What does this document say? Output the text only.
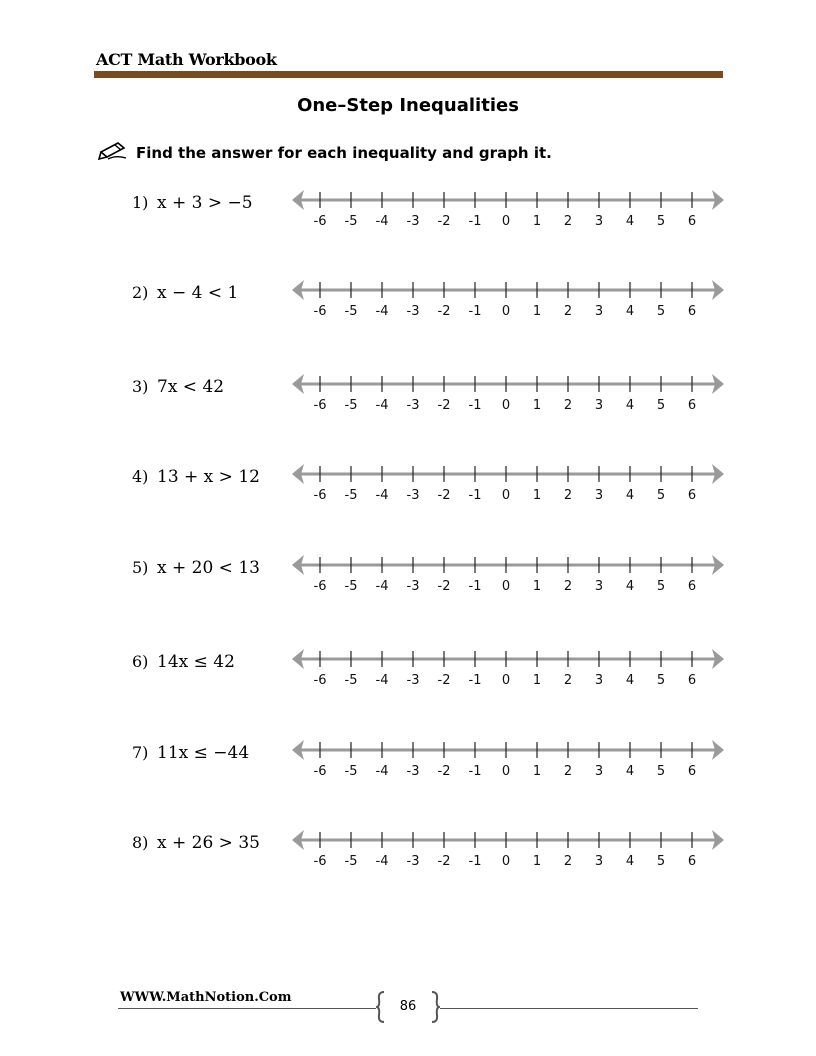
ACT Math Workbook
One–Step Inequalities
Find the answer for each inequality and graph it.
1) x + 3 > −5
-6 -5 -4 -3 -2 -1 0 1 2 3 4 5 6
2) x − 4 < 1
-6 -5 -4 -3 -2 -1 0 1 2 3 4 5 6
3) 7x < 42
-6 -5 -4 -3 -2 -1 0 1 2 3 4 5 6
4) 13 + x > 12
-6 -5 -4 -3 -2 -1 0 1 2 3 4 5 6
5) x + 20 < 13
-6 -5 -4 -3 -2 -1 0 1 2 3 4 5 6
6) 14x ≤ 42
-6 -5 -4 -3 -2 -1 0 1 2 3 4 5 6
7) 11x ≤ −44
-6 -5 -4 -3 -2 -1 0 1 2 3 4 5 6
8) x + 26 > 35
-6 -5 -4 -3 -2 -1 0 1 2 3 4 5 6
WWW.MathNotion.Com
86
